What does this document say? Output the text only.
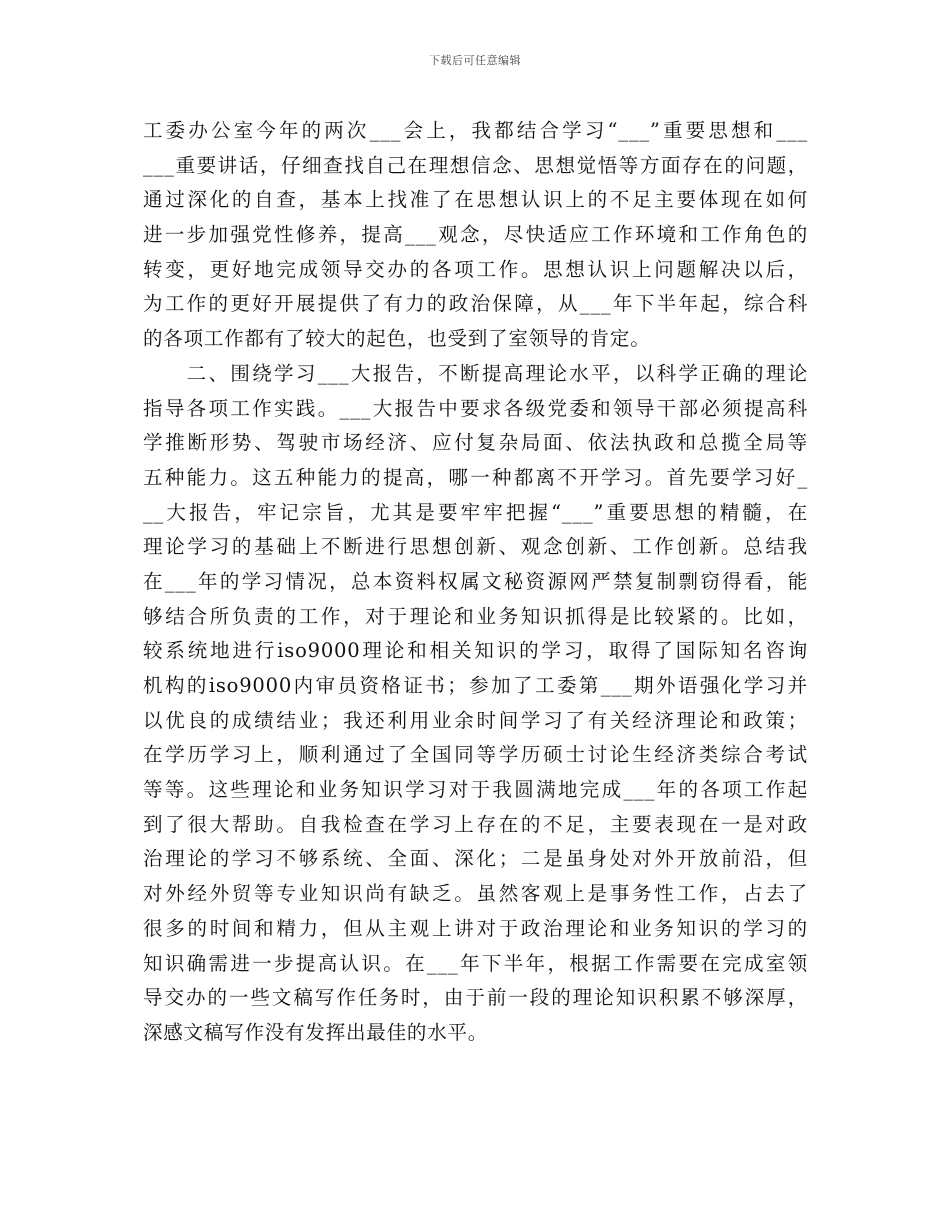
下载后可任意编辑
工委办公室今年的两次___会上，我都结合学习“___”重要思想和___
___重要讲话，仔细查找自己在理想信念、思想觉悟等方面存在的问题，
通过深化的自查，基本上找准了在思想认识上的不足主要体现在如何
进一步加强党性修养，提高___观念，尽快适应工作环境和工作角色的
转变，更好地完成领导交办的各项工作。思想认识上问题解决以后，
为工作的更好开展提供了有力的政治保障，从___年下半年起，综合科
的各项工作都有了较大的起色，也受到了室领导的肯定。
　　二、围绕学习___大报告，不断提高理论水平，以科学正确的理论
指导各项工作实践。___大报告中要求各级党委和领导干部必须提高科
学推断形势、驾驶市场经济、应付复杂局面、依法执政和总揽全局等
五种能力。这五种能力的提高，哪一种都离不开学习。首先要学习好_
__大报告，牢记宗旨，尤其是要牢牢把握“___”重要思想的精髓，在
理论学习的基础上不断进行思想创新、观念创新、工作创新。总结我
在___年的学习情况，总本资料权属文秘资源网严禁复制剽窃得看，能
够结合所负责的工作，对于理论和业务知识抓得是比较紧的。比如，
较系统地进行iso9000理论和相关知识的学习，取得了国际知名咨询
机构的iso9000内审员资格证书；参加了工委第___期外语强化学习并
以优良的成绩结业；我还利用业余时间学习了有关经济理论和政策；
在学历学习上，顺利通过了全国同等学历硕士讨论生经济类综合考试
等等。这些理论和业务知识学习对于我圆满地完成___年的各项工作起
到了很大帮助。自我检查在学习上存在的不足，主要表现在一是对政
治理论的学习不够系统、全面、深化；二是虽身处对外开放前沿，但
对外经外贸等专业知识尚有缺乏。虽然客观上是事务性工作，占去了
很多的时间和精力，但从主观上讲对于政治理论和业务知识的学习的
知识确需进一步提高认识。在___年下半年，根据工作需要在完成室领
导交办的一些文稿写作任务时，由于前一段的理论知识积累不够深厚，
深感文稿写作没有发挥出最佳的水平。
